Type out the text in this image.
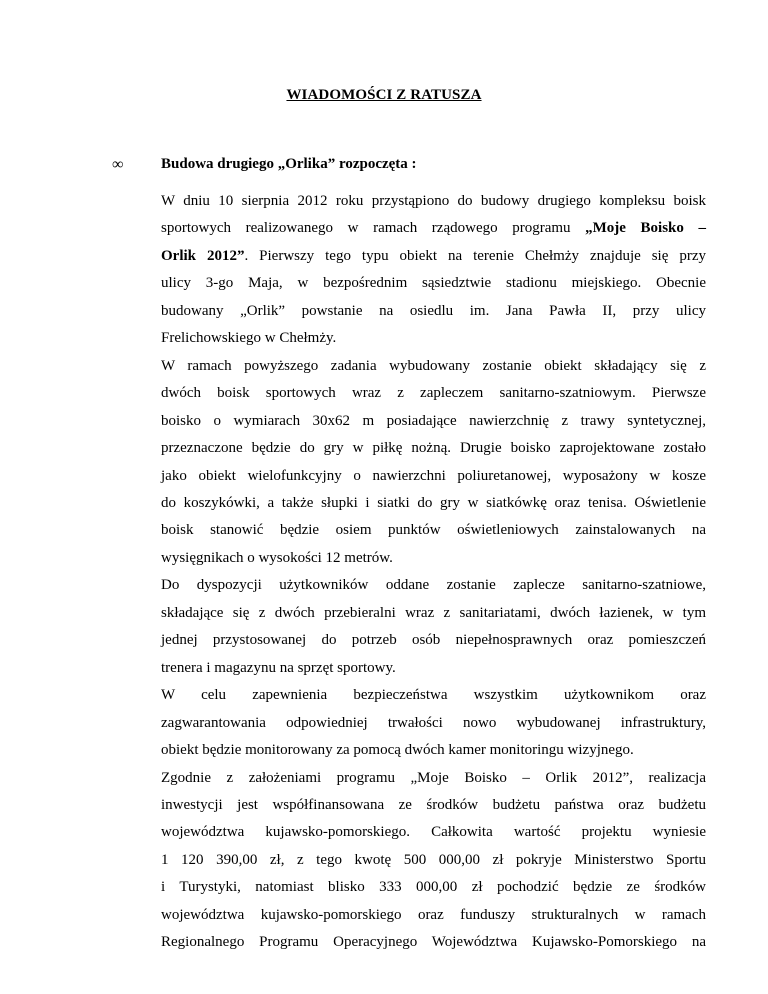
WIADOMOŚCI Z RATUSZA
∞	Budowa drugiego „Orlika” rozpoczęta :
W dniu 10 sierpnia 2012 roku przystąpiono do budowy drugiego kompleksu boisk
sportowych realizowanego w ramach rządowego programu „Moje Boisko –
Orlik 2012”. Pierwszy tego typu obiekt na terenie Chełmży znajduje się przy
ulicy 3-go Maja, w bezpośrednim sąsiedztwie stadionu miejskiego. Obecnie
budowany „Orlik” powstanie na osiedlu im. Jana Pawła II, przy ulicy
Frelichowskiego w Chełmży.
W ramach powyższego zadania wybudowany zostanie obiekt składający się z
dwóch boisk sportowych wraz z zapleczem sanitarno-szatniowym. Pierwsze
boisko o wymiarach 30x62 m posiadające nawierzchnię z trawy syntetycznej,
przeznaczone będzie do gry w piłkę nożną. Drugie boisko zaprojektowane zostało
jako obiekt wielofunkcyjny o nawierzchni poliuretanowej, wyposażony w kosze
do koszykówki, a także słupki i siatki do gry w siatkówkę oraz tenisa. Oświetlenie
boisk stanowić będzie osiem punktów oświetleniowych zainstalowanych na
wysięgnikach o wysokości 12 metrów.
Do dyspozycji użytkowników oddane zostanie zaplecze sanitarno-szatniowe,
składające się z dwóch przebieralni wraz z sanitariatami, dwóch łazienek, w tym
jednej przystosowanej do potrzeb osób niepełnosprawnych oraz pomieszczeń
trenera i magazynu na sprzęt sportowy.
W celu zapewnienia bezpieczeństwa wszystkim użytkownikom oraz
zagwarantowania odpowiedniej trwałości nowo wybudowanej infrastruktury,
obiekt będzie monitorowany za pomocą dwóch kamer monitoringu wizyjnego.
Zgodnie z założeniami programu „Moje Boisko – Orlik 2012”, realizacja
inwestycji jest współfinansowana ze środków budżetu państwa oraz budżetu
województwa kujawsko-pomorskiego. Całkowita wartość projektu wyniesie
1 120 390,00 zł, z tego kwotę 500 000,00 zł pokryje Ministerstwo Sportu
i Turystyki, natomiast blisko 333 000,00 zł pochodzić będzie ze środków
województwa kujawsko-pomorskiego oraz funduszy strukturalnych w ramach
Regionalnego Programu Operacyjnego Województwa Kujawsko-Pomorskiego na
